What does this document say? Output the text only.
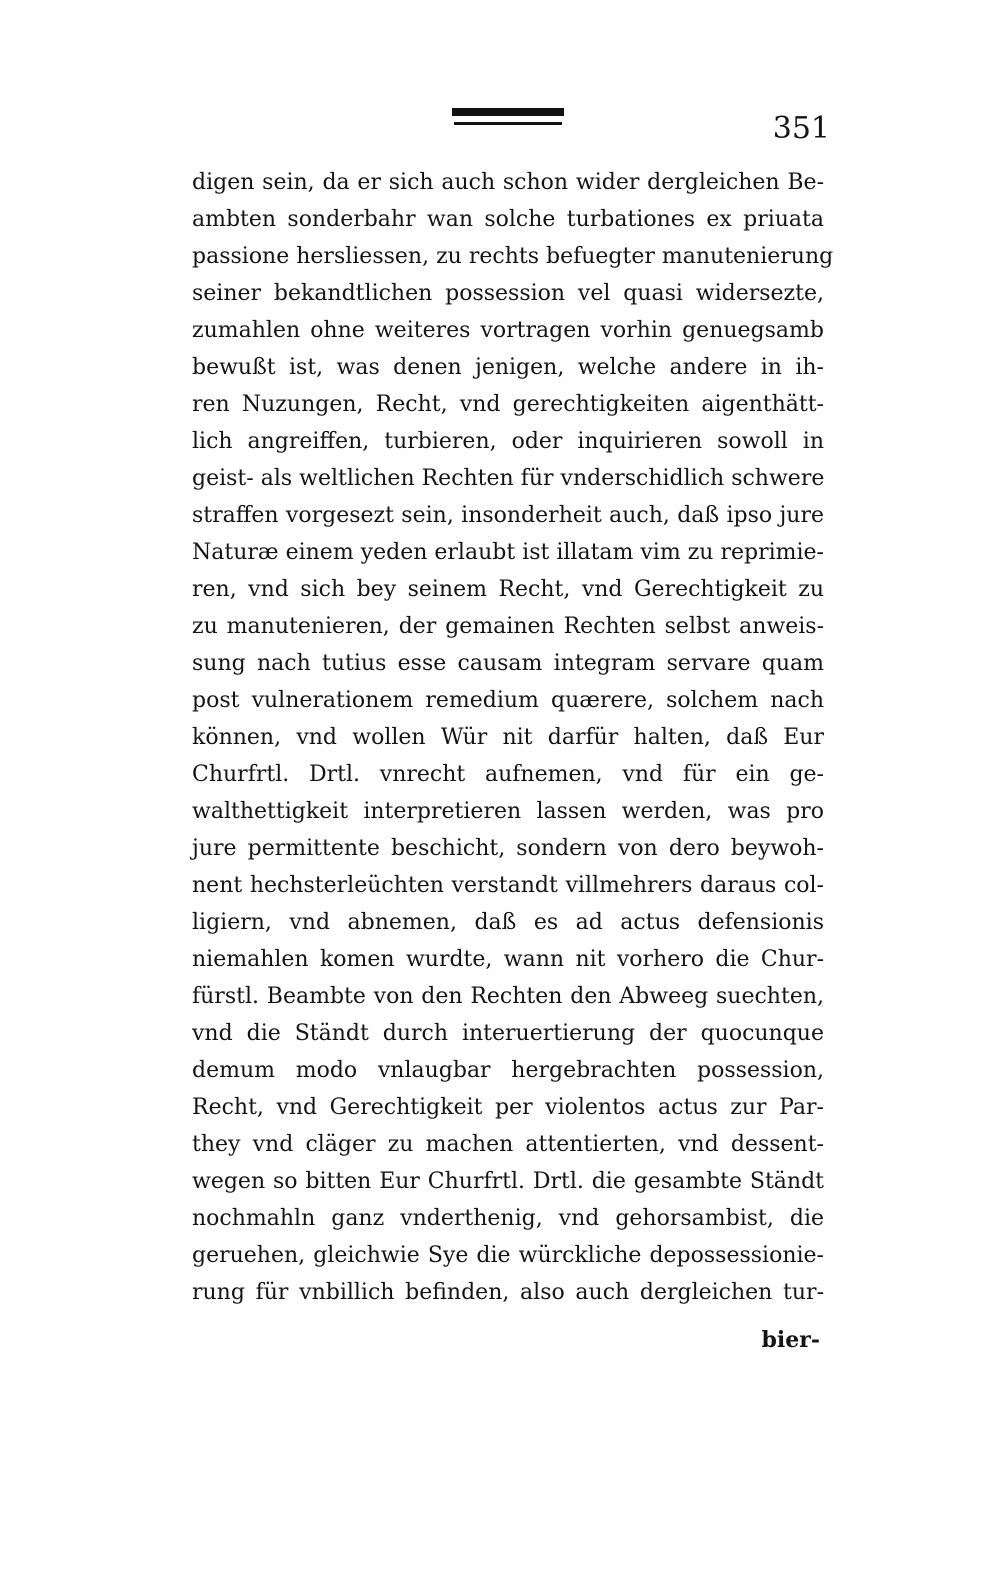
351
digen sein, da er sich auch schon wider dergleichen Be-
ambten sonderbahr wan solche turbationes ex priuata
passione hersliessen, zu rechts befuegter manutenierung
seiner bekandtlichen possession vel quasi widersezte,
zumahlen ohne weiteres vortragen vorhin genuegsamb
bewußt ist, was denen jenigen, welche andere in ih-
ren Nuzungen, Recht, vnd gerechtigkeiten aigenthätt-
lich angreiffen, turbieren, oder inquirieren sowoll in
geist- als weltlichen Rechten für vnderschidlich schwere
straffen vorgesezt sein, insonderheit auch, daß ipso jure
Naturæ einem yeden erlaubt ist illatam vim zu reprimie-
ren, vnd sich bey seinem Recht, vnd Gerechtigkeit zu
zu manutenieren, der gemainen Rechten selbst anweis-
sung nach tutius esse causam integram servare quam
post vulnerationem remedium quærere, solchem nach
können, vnd wollen Wür nit darfür halten, daß Eur
Churfrtl. Drtl. vnrecht aufnemen, vnd für ein ge-
walthettigkeit interpretieren lassen werden, was pro
jure permittente beschicht, sondern von dero beywoh-
nent hechsterleüchten verstandt villmehrers daraus col-
ligiern, vnd abnemen, daß es ad actus defensionis
niemahlen komen wurdte, wann nit vorhero die Chur-
fürstl. Beambte von den Rechten den Abweeg suechten,
vnd die Ständt durch interuertierung der quocunque
demum modo vnlaugbar hergebrachten possession,
Recht, vnd Gerechtigkeit per violentos actus zur Par-
they vnd cläger zu machen attentierten, vnd dessent-
wegen so bitten Eur Churfrtl. Drtl. die gesambte Ständt
nochmahln ganz vnderthenig, vnd gehorsambist, die
geruehen, gleichwie Sye die würckliche depossessionie-
rung für vnbillich befinden, also auch dergleichen tur-
bier-
